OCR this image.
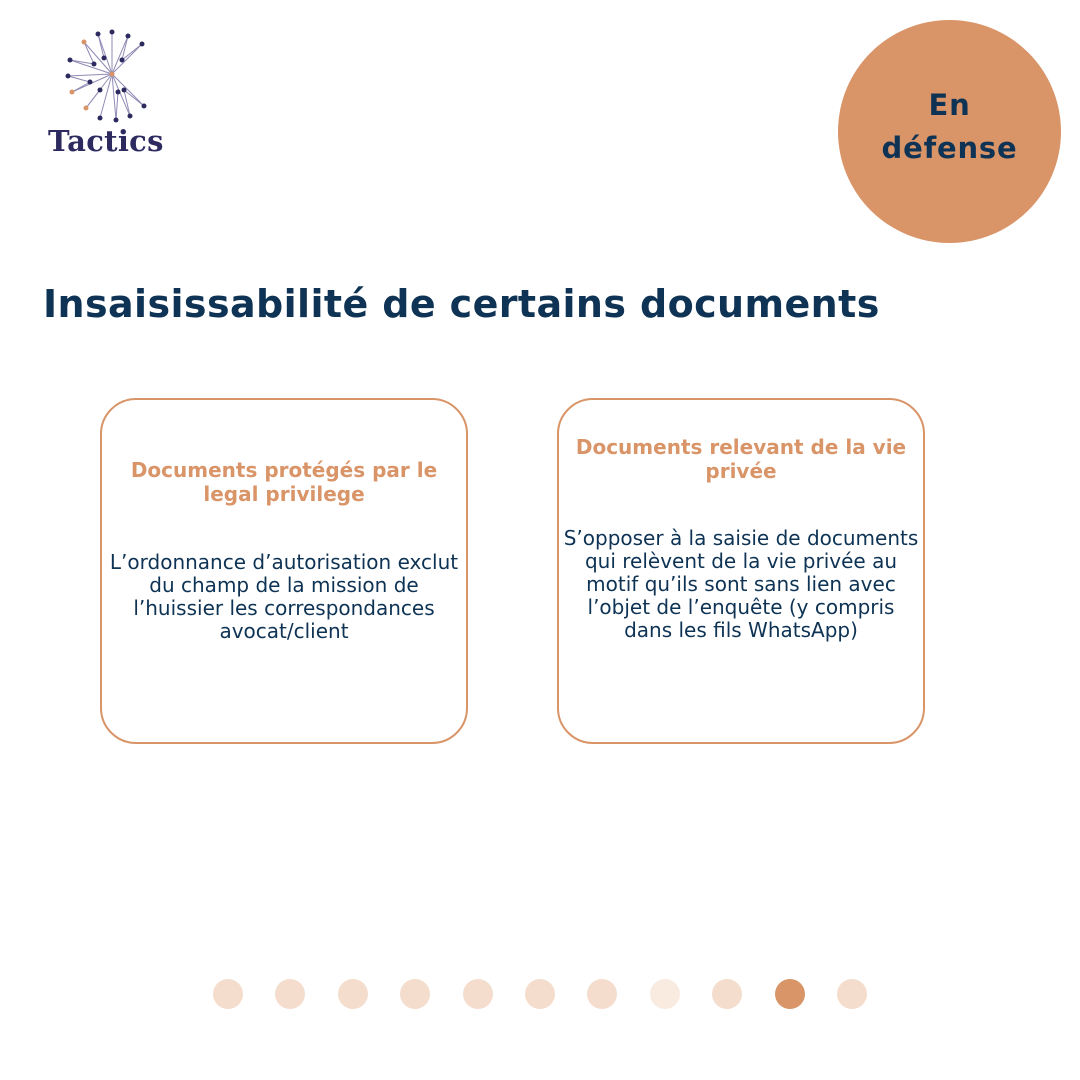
Tactics
En défense
Insaisissabilité de certains documents
Documents protégés par le legal privilege
L’ordonnance d’autorisation exclut du champ de la mission de l’huissier les correspondances avocat/client
Documents relevant de la vie privée
S’opposer à la saisie de documents qui relèvent de la vie privée au motif qu’ils sont sans lien avec l’objet de l’enquête (y compris dans les fils WhatsApp)
